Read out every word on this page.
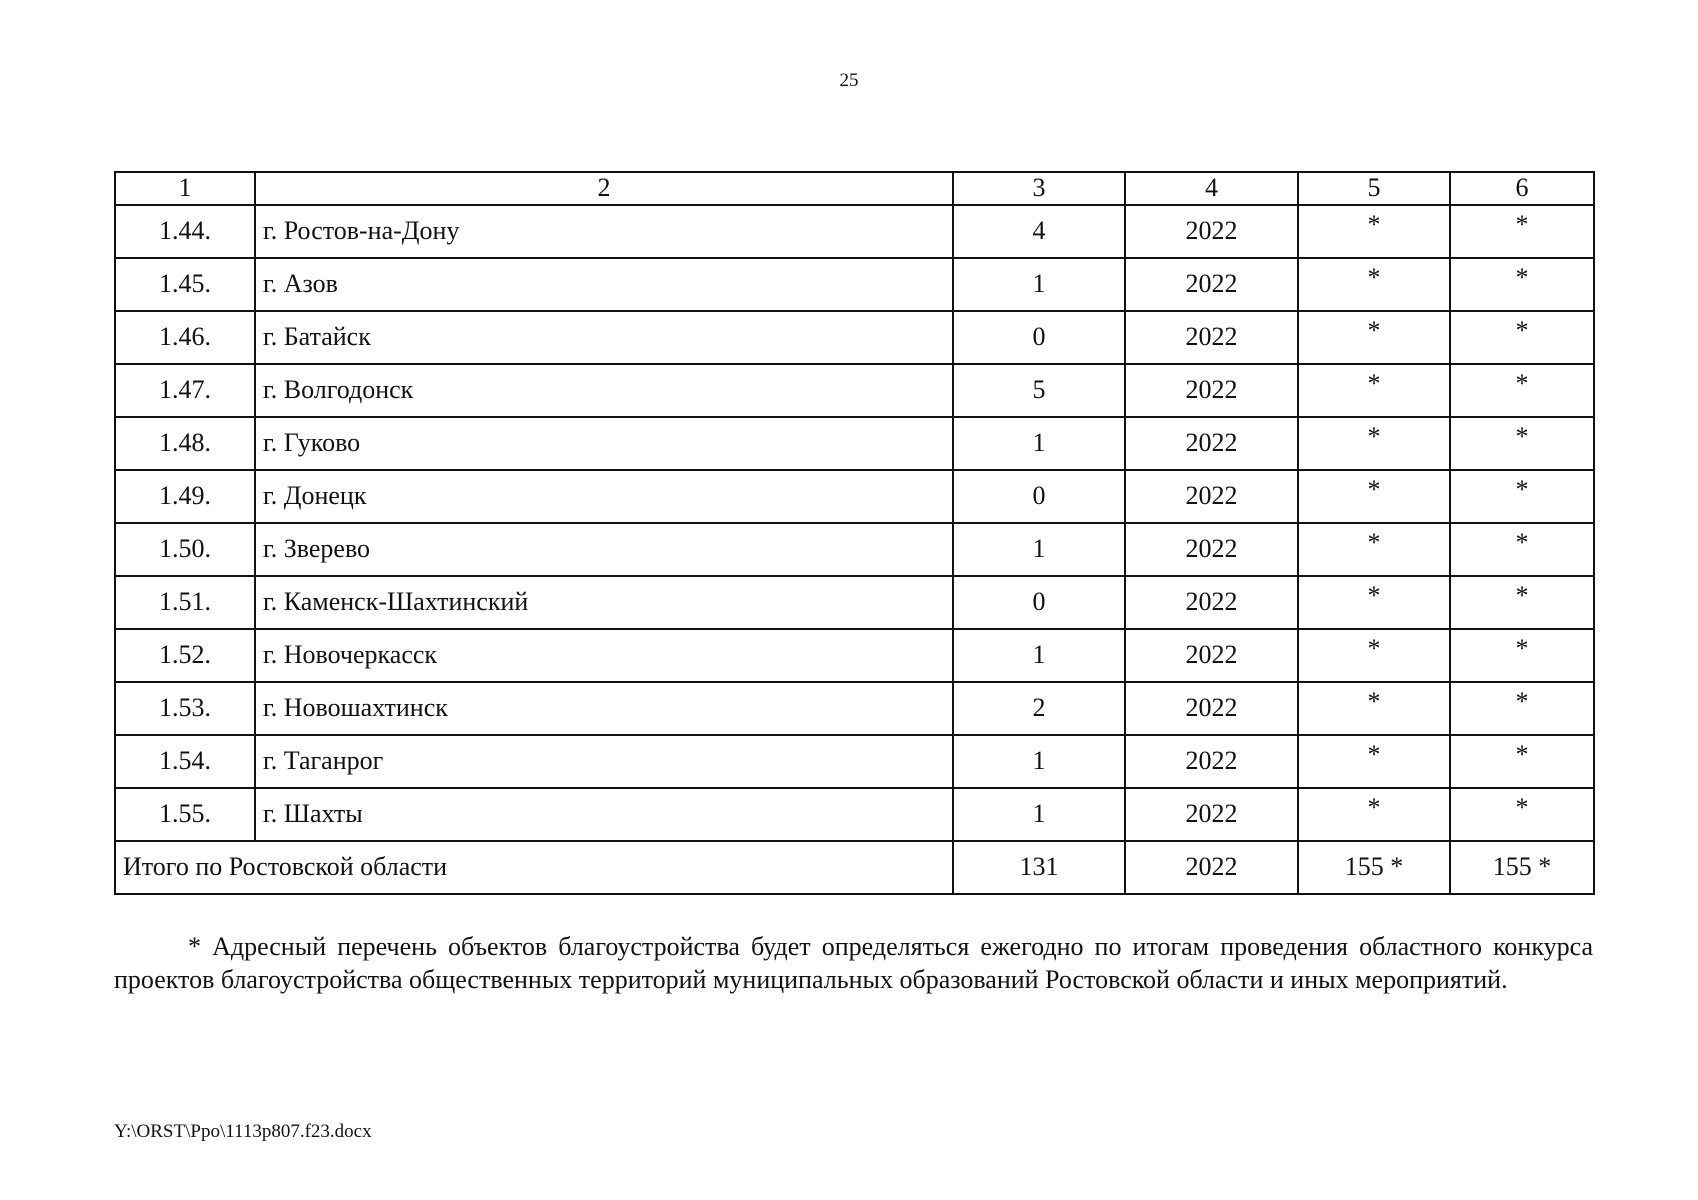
25
1	2	3	4	5	6
1.44.	г. Ростов-на-Дону	4	2022	*	*
1.45.	г. Азов	1	2022	*	*
1.46.	г. Батайск	0	2022	*	*
1.47.	г. Волгодонск	5	2022	*	*
1.48.	г. Гуково	1	2022	*	*
1.49.	г. Донецк	0	2022	*	*
1.50.	г. Зверево	1	2022	*	*
1.51.	г. Каменск-Шахтинский	0	2022	*	*
1.52.	г. Новочеркасск	1	2022	*	*
1.53.	г. Новошахтинск	2	2022	*	*
1.54.	г. Таганрог	1	2022	*	*
1.55.	г. Шахты	1	2022	*	*
Итого по Ростовской области		131	2022	155 *	155 *

* Адресный перечень объектов благоустройства будет определяться ежегодно по итогам проведения областного конкурса проектов благоустройства общественных территорий муниципальных образований Ростовской области и иных мероприятий.

Y:\ORST\Ppo\1113p807.f23.docx
